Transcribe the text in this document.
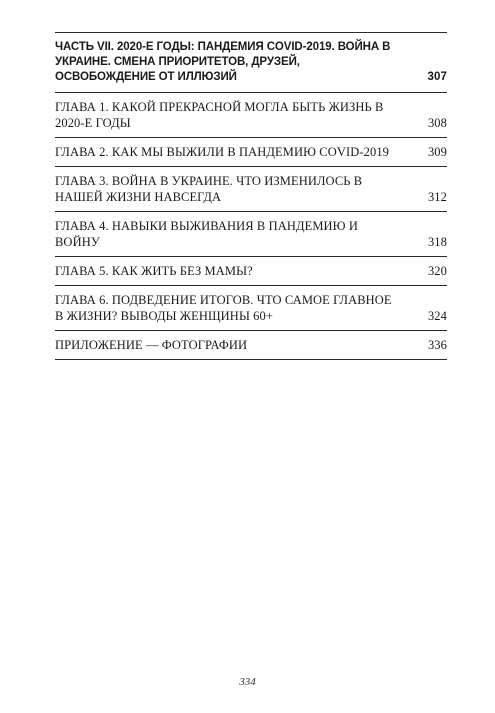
ЧАСТЬ VII. 2020-Е ГОДЫ: ПАНДЕМИЯ COVID-2019. ВОЙНА В УКРАИНЕ. СМЕНА ПРИОРИТЕТОВ, ДРУЗЕЙ, ОСВОБОЖДЕНИЕ ОТ ИЛЛЮЗИЙ	307
ГЛАВА 1. КАКОЙ ПРЕКРАСНОЙ МОГЛА БЫТЬ ЖИЗНЬ В 2020-Е ГОДЫ	308
ГЛАВА 2. КАК МЫ ВЫЖИЛИ В ПАНДЕМИЮ COVID-2019	309
ГЛАВА 3. ВОЙНА В УКРАИНЕ. ЧТО ИЗМЕНИЛОСЬ В НАШЕЙ ЖИЗНИ НАВСЕГДА	312
ГЛАВА 4. НАВЫКИ ВЫЖИВАНИЯ В ПАНДЕМИЮ И ВОЙНУ	318
ГЛАВА 5. КАК ЖИТЬ БЕЗ МАМЫ?	320
ГЛАВА 6. ПОДВЕДЕНИЕ ИТОГОВ. ЧТО САМОЕ ГЛАВНОЕ В ЖИЗНИ? ВЫВОДЫ ЖЕНЩИНЫ 60+	324
ПРИЛОЖЕНИЕ — ФОТОГРАФИИ	336
334
